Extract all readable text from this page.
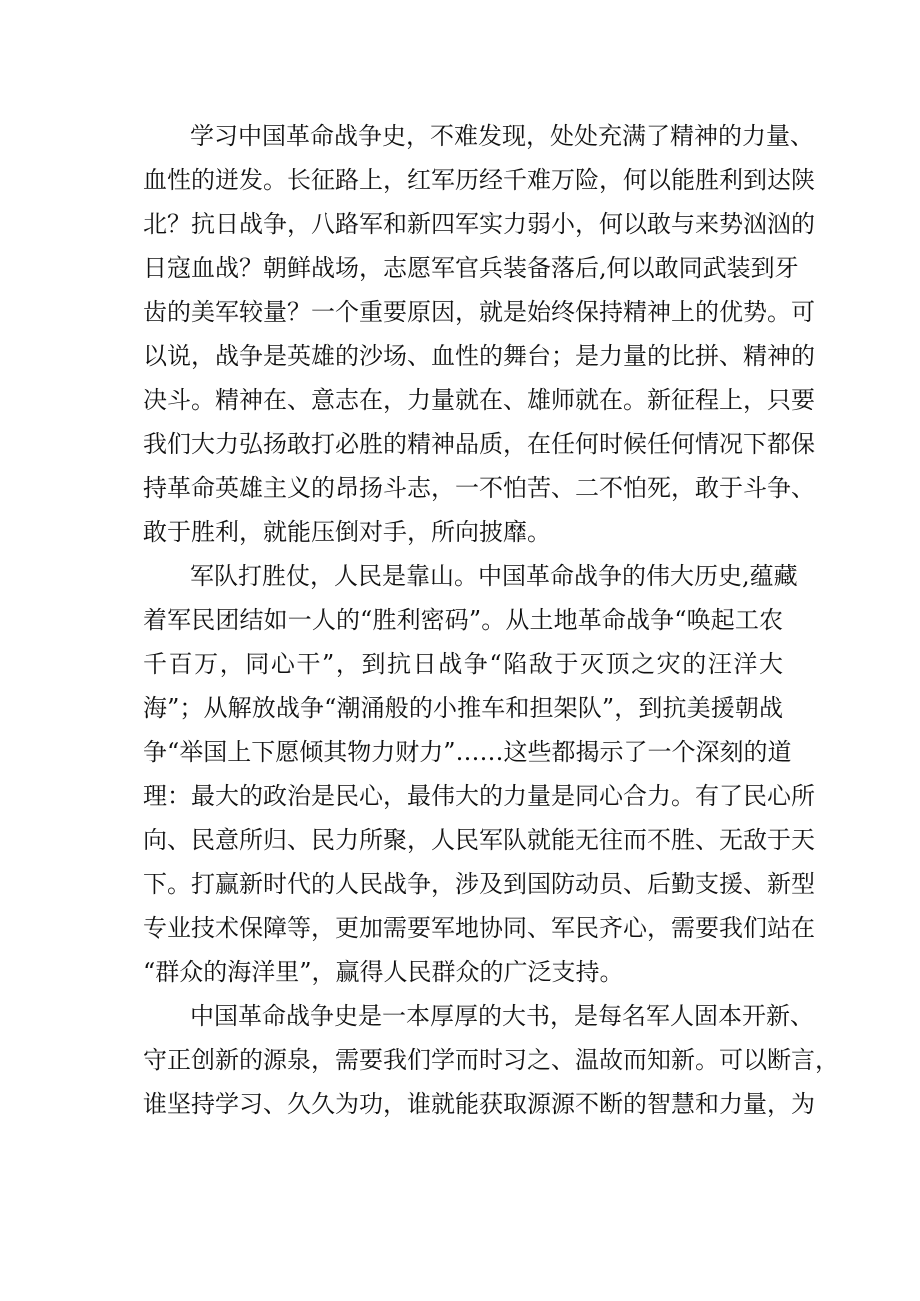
学习中国革命战争史，不难发现，处处充满了精神的力量、
血性的迸发。长征路上，红军历经千难万险，何以能胜利到达陕
北？抗日战争，八路军和新四军实力弱小，何以敢与来势汹汹的
日寇血战？朝鲜战场，志愿军官兵装备落后,何以敢同武装到牙
齿的美军较量？一个重要原因，就是始终保持精神上的优势。可
以说，战争是英雄的沙场、血性的舞台；是力量的比拼、精神的
决斗。精神在、意志在，力量就在、雄师就在。新征程上，只要
我们大力弘扬敢打必胜的精神品质，在任何时候任何情况下都保
持革命英雄主义的昂扬斗志，一不怕苦、二不怕死，敢于斗争、
敢于胜利，就能压倒对手，所向披靡。
军队打胜仗，人民是靠山。中国革命战争的伟大历史,蕴藏
着军民团结如一人的“胜利密码”。从土地革命战争“唤起工农
千百万，同心干”，到抗日战争“陷敌于灭顶之灾的汪洋大
海”；从解放战争“潮涌般的小推车和担架队”，到抗美援朝战
争“举国上下愿倾其物力财力”……这些都揭示了一个深刻的道
理：最大的政治是民心，最伟大的力量是同心合力。有了民心所
向、民意所归、民力所聚，人民军队就能无往而不胜、无敌于天
下。打赢新时代的人民战争，涉及到国防动员、后勤支援、新型
专业技术保障等，更加需要军地协同、军民齐心，需要我们站在
“群众的海洋里”，赢得人民群众的广泛支持。
中国革命战争史是一本厚厚的大书，是每名军人固本开新、
守正创新的源泉，需要我们学而时习之、温故而知新。可以断言，
谁坚持学习、久久为功，谁就能获取源源不断的智慧和力量，为
